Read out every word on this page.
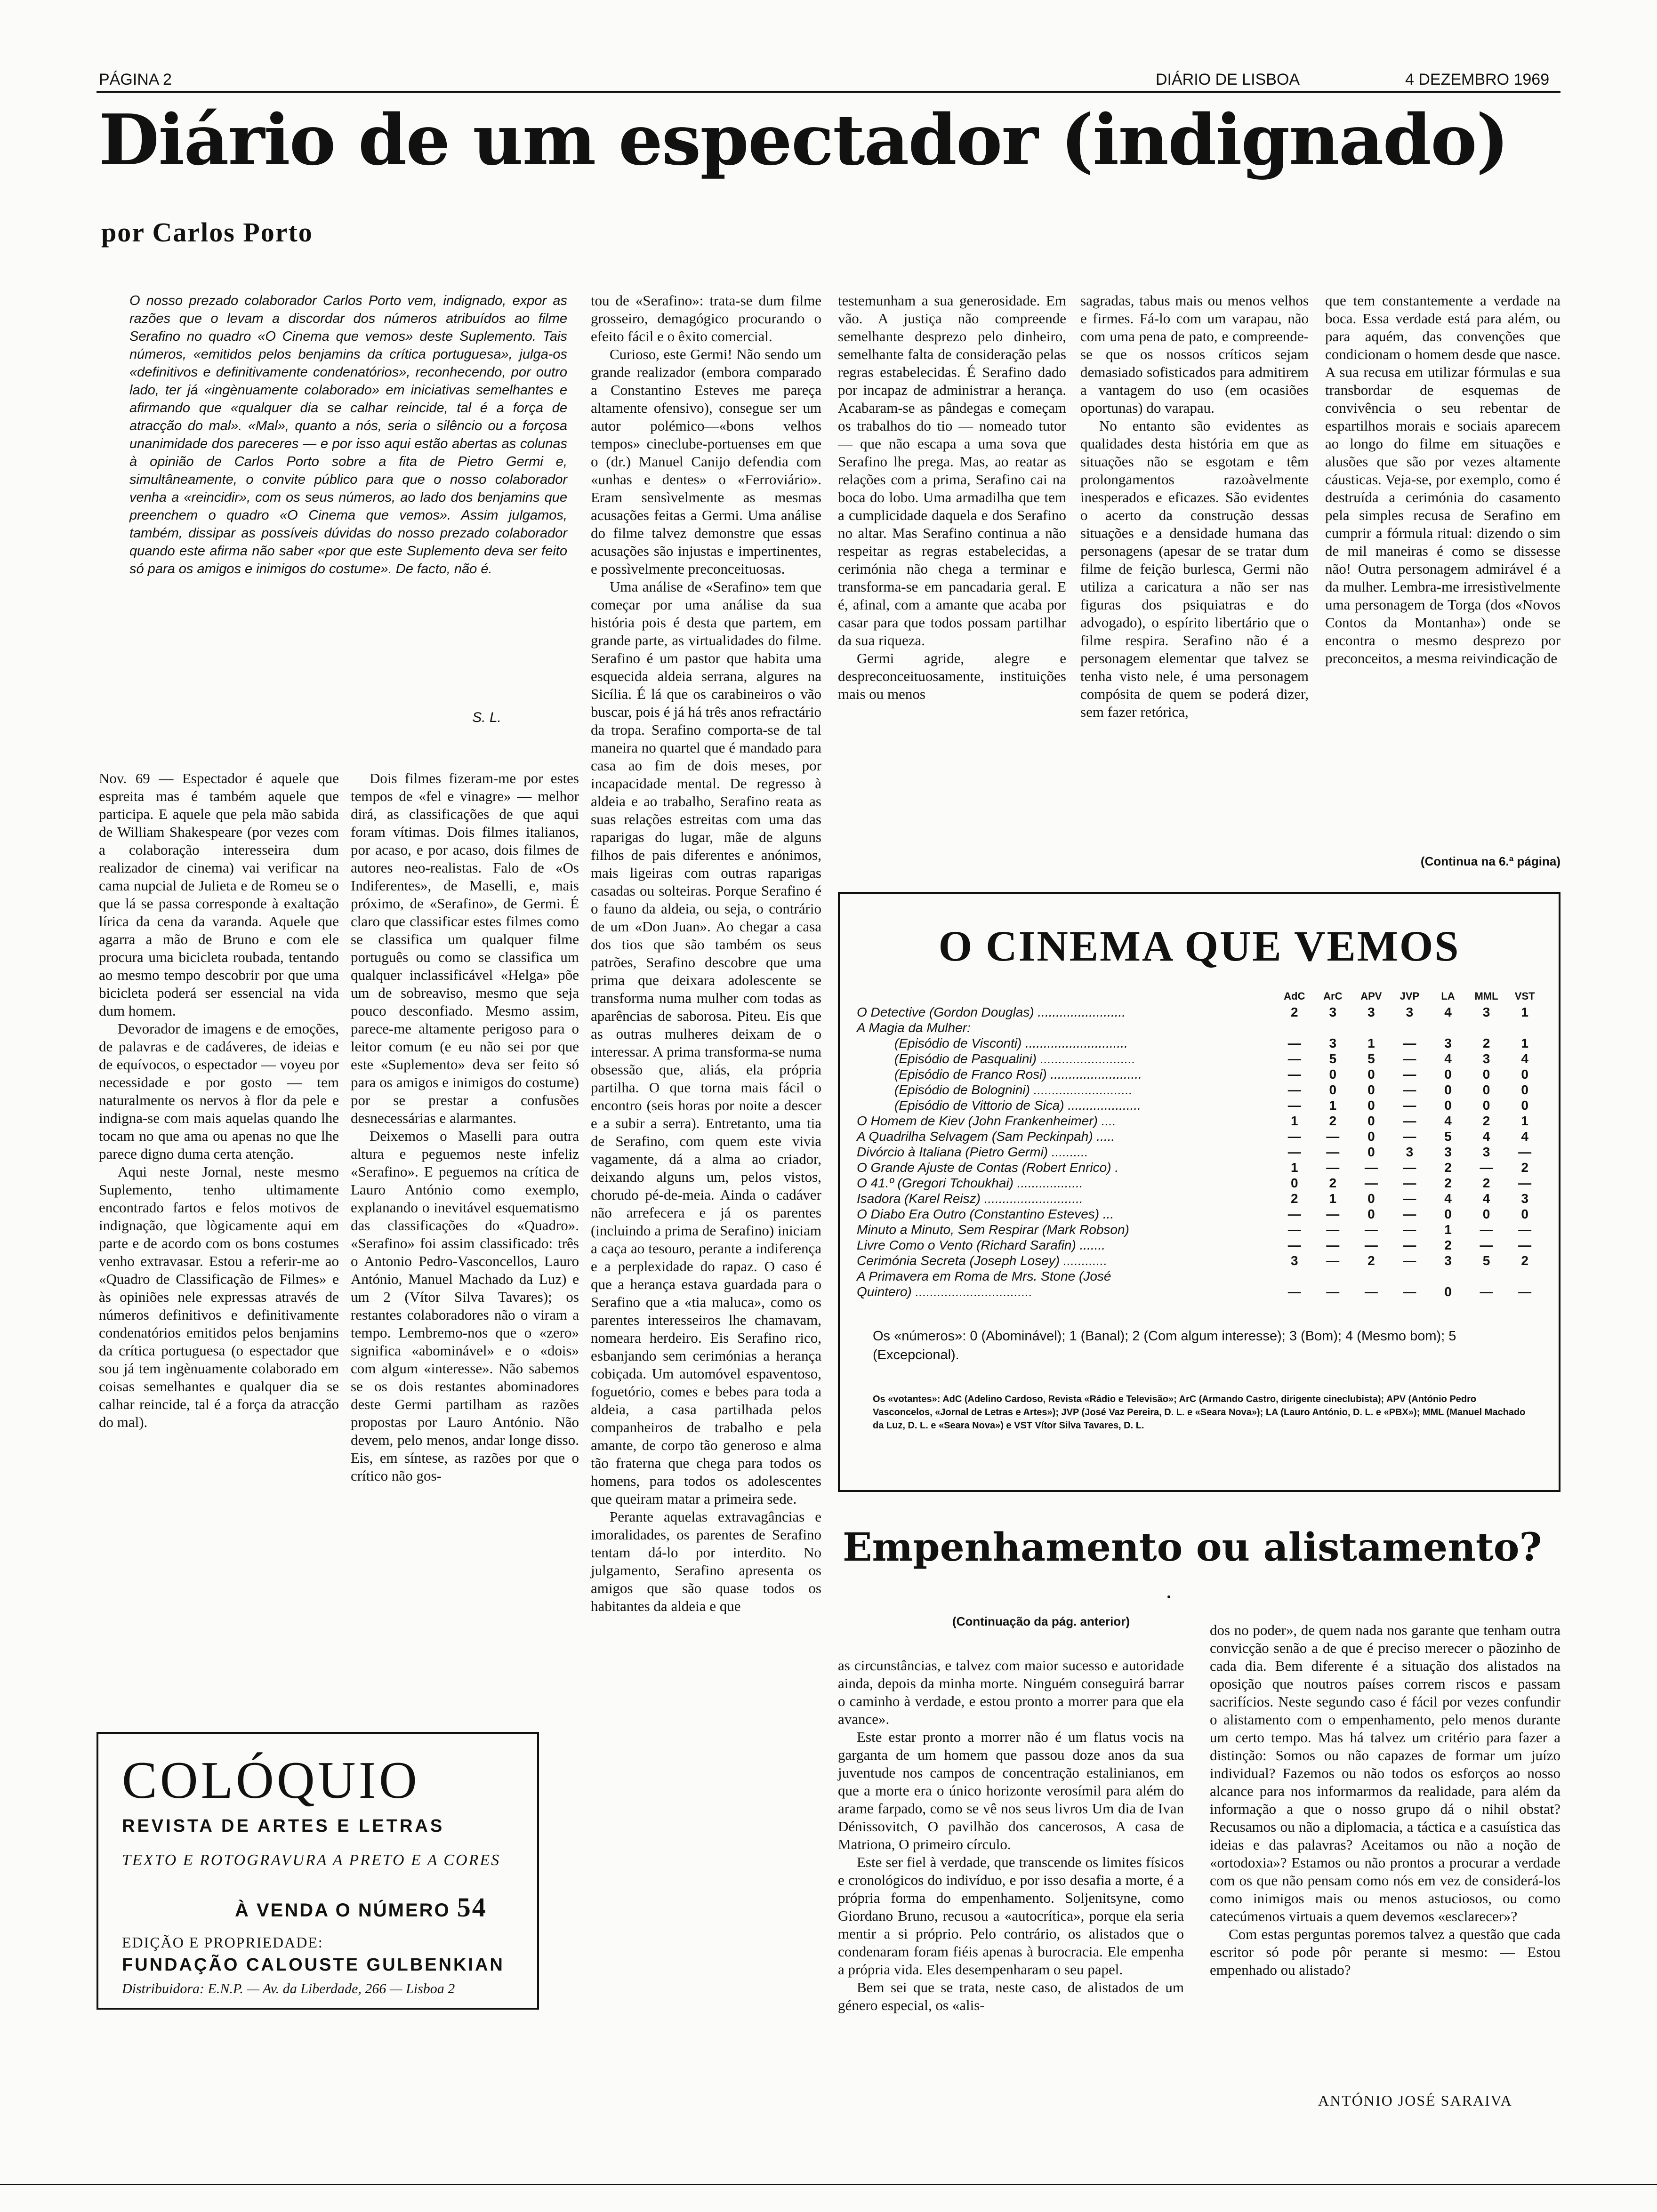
PÁGINA 2	DIÁRIO DE LISBOA	4 DEZEMBRO 1969
Diário de um espectador (indignado)
por Carlos Porto
O nosso prezado colaborador Carlos Porto vem, indignado, expor as razões que o levam a discordar dos números atribuídos ao filme Serafino no quadro «O Cinema que vemos» deste Suplemento. Tais números, «emitidos pelos benjamins da crítica portuguesa», julga-os «definitivos e definitivamente condenatórios», reconhecendo, por outro lado, ter já «ingènuamente colaborado» em iniciativas semelhantes e afirmando que «qualquer dia se calhar reincide, tal é a força de atracção do mal». «Mal», quanto a nós, seria o silêncio ou a forçosa unanimidade dos pareceres — e por isso aqui estão abertas as colunas à opinião de Carlos Porto sobre a fita de Pietro Germi e, simultâneamente, o convite público para que o nosso colaborador venha a «reincidir», com os seus números, ao lado dos benjamins que preenchem o quadro «O Cinema que vemos». Assim julgamos, também, dissipar as possíveis dúvidas do nosso prezado colaborador quando este afirma não saber «por que este Suplemento deva ser feito só para os amigos e inimigos do costume». De facto, não é.
S. L.

Nov. 69 — Espectador é aquele que espreita mas é também aquele que participa. E aquele que pela mão sabida de William Shakespeare (por vezes com a colaboração interesseira dum realizador de cinema) vai verificar na cama nupcial de Julieta e de Romeu se o que lá se passa corresponde à exaltação lírica da cena da varanda. Aquele que agarra a mão de Bruno e com ele procura uma bicicleta roubada, tentando ao mesmo tempo descobrir por que uma bicicleta poderá ser essencial na vida dum homem.

Devorador de imagens e de emoções, de palavras e de cadáveres, de ideias e de equívocos, o espectador — voyeu por necessidade e por gosto — tem naturalmente os nervos à flor da pele e indigna-se com mais aquelas quando lhe tocam no que ama ou apenas no que lhe parece digno duma certa atenção.

Aqui neste Jornal, neste mesmo Suplemento, tenho ultimamente encontrado fartos e felos motivos de indignação, que lògicamente aqui em parte e de acordo com os bons costumes venho extravasar. Estou a referir-me ao «Quadro de Classificação de Filmes» e às opiniões nele expressas através de números definitivos e definitivamente condenatórios emitidos pelos benjamins da crítica portuguesa (o espectador que sou já tem ingènuamente colaborado em coisas semelhantes e qualquer dia se calhar reincide, tal é a força da atracção do mal).

Dois filmes fizeram-me por estes tempos de «fel e vinagre» — melhor dirá, as classificações de que aqui foram vítimas. Dois filmes italianos, por acaso, e por acaso, dois filmes de autores neo-realistas. Falo de «Os Indiferentes», de Maselli, e, mais próximo, de «Serafino», de Germi. É claro que classificar estes filmes como se classifica um qualquer filme português ou como se classifica um qualquer inclassificável «Helga» põe um de sobreaviso, mesmo que seja pouco desconfiado. Mesmo assim, parece-me altamente perigoso para o leitor comum (e eu não sei por que este «Suplemento» deva ser feito só para os amigos e inimigos do costume) por se prestar a confusões desnecessárias e alarmantes.

Deixemos o Maselli para outra altura e peguemos neste infeliz «Serafino». E peguemos na crítica de Lauro António como exemplo, explanando o inevitável esquematismo das classificações do «Quadro». «Serafino» foi assim classificado: três o Antonio Pedro-Vasconcellos, Lauro António, Manuel Machado da Luz) e um 2 (Vítor Silva Tavares); os restantes colaboradores não o viram a tempo. Lembremo-nos que o «zero» significa «abominável» e o «dois» com algum «interesse». Não sabemos se os dois restantes abominadores deste Germi partilham as razões propostas por Lauro António. Não devem, pelo menos, andar longe disso. Eis, em síntese, as razões por que o crítico não gos-

tou de «Serafino»: trata-se dum filme grosseiro, demagógico procurando o efeito fácil e o êxito comercial.

Curioso, este Germi! Não sendo um grande realizador (embora comparado a Constantino Esteves me pareça altamente ofensivo), consegue ser um autor polémico—«bons velhos tempos» cineclube-portuenses em que o (dr.) Manuel Canijo defendia com «unhas e dentes» o «Ferroviário». Eram sensìvelmente as mesmas acusações feitas a Germi. Uma análise do filme talvez demonstre que essas acusações são injustas e impertinentes, e possìvelmente preconceituosas.

Uma análise de «Serafino» tem que começar por uma análise da sua história pois é desta que partem, em grande parte, as virtualidades do filme. Serafino é um pastor que habita uma esquecida aldeia serrana, algures na Sicília. É lá que os carabineiros o vão buscar, pois é já há três anos refractário da tropa. Serafino comporta-se de tal maneira no quartel que é mandado para casa ao fim de dois meses, por incapacidade mental. De regresso à aldeia e ao trabalho, Serafino reata as suas relações estreitas com uma das raparigas do lugar, mãe de alguns filhos de pais diferentes e anónimos, mais ligeiras com outras raparigas casadas ou solteiras. Porque Serafino é o fauno da aldeia, ou seja, o contrário de um «Don Juan». Ao chegar a casa dos tios que são também os seus patrões, Serafino descobre que uma prima que deixara adolescente se transforma numa mulher com todas as aparências de saborosa. Piteu. Eis que as outras mulheres deixam de o interessar. A prima transforma-se numa obsessão que, aliás, ela própria partilha. O que torna mais fácil o encontro (seis horas por noite a descer e a subir a serra). Entretanto, uma tia de Serafino, com quem este vivia vagamente, dá a alma ao criador, deixando alguns um, pelos vistos, chorudo pé-de-meia. Ainda o cadáver não arrefecera e já os parentes (incluindo a prima de Serafino) iniciam a caça ao tesouro, perante a indiferença e a perplexidade do rapaz. O caso é que a herança estava guardada para o Serafino que a «tia maluca», como os parentes interesseiros lhe chamavam, nomeara herdeiro. Eis Serafino rico, esbanjando sem cerimónias a herança cobiçada. Um automóvel espaventoso, foguetório, comes e bebes para toda a aldeia, a casa partilhada pelos companheiros de trabalho e pela amante, de corpo tão generoso e alma tão fraterna que chega para todos os homens, para todos os adolescentes que queiram matar a primeira sede.

Perante aquelas extravagâncias e imoralidades, os parentes de Serafino tentam dá-lo por interdito. No julgamento, Serafino apresenta os amigos que são quase todos os habitantes da aldeia e que

testemunham a sua generosidade. Em vão. A justiça não compreende semelhante desprezo pelo dinheiro, semelhante falta de consideração pelas regras estabelecidas. É Serafino dado por incapaz de administrar a herança. Acabaram-se as pândegas e começam os trabalhos do tio — nomeado tutor — que não escapa a uma sova que Serafino lhe prega. Mas, ao reatar as relações com a prima, Serafino cai na boca do lobo. Uma armadilha que tem a cumplicidade daquela e dos Serafino no altar. Mas Serafino continua a não respeitar as regras estabelecidas, a cerimónia não chega a terminar e transforma-se em pancadaria geral. E é, afinal, com a amante que acaba por casar para que todos possam partilhar da sua riqueza.

Germi agride, alegre e despreconceituosamente, instituições mais ou menos

sagradas, tabus mais ou menos velhos e firmes. Fá-lo com um varapau, não com uma pena de pato, e compreende-se que os nossos críticos sejam demasiado sofisticados para admitirem a vantagem do uso (em ocasiões oportunas) do varapau.

No entanto são evidentes as qualidades desta história em que as situações não se esgotam e têm prolongamentos razoàvelmente inesperados e eficazes. São evidentes o acerto da construção dessas situações e a densidade humana das personagens (apesar de se tratar dum filme de feição burlesca, Germi não utiliza a caricatura a não ser nas figuras dos psiquiatras e do advogado), o espírito libertário que o filme respira. Serafino não é a personagem elementar que talvez se tenha visto nele, é uma personagem compósita de quem se poderá dizer, sem fazer retórica,

que tem constantemente a verdade na boca. Essa verdade está para além, ou para aquém, das convenções que condicionam o homem desde que nasce. A sua recusa em utilizar fórmulas e sua transbordar de esquemas de convivência o seu rebentar de espartilhos morais e sociais aparecem ao longo do filme em situações e alusões que são por vezes altamente cáusticas. Veja-se, por exemplo, como é destruída a cerimónia do casamento pela simples recusa de Serafino em cumprir a fórmula ritual: dizendo o sim de mil maneiras é como se dissesse não! Outra personagem admirável é a da mulher. Lembra-me irresistìvelmente uma personagem de Torga (dos «Novos Contos da Montanha») onde se encontra o mesmo desprezo por preconceitos, a mesma reivindicação de

(Continua na 6.ª página)
O CINEMA QUE VEMOS
	AdC	ArC	APV	JVP	LA	MML	VST
O Detective (Gordon Douglas) ........................	2	3	3	3	4	3	1
A Magia da Mulher:							
(Episódio de Visconti) ............................	—	3	1	—	3	2	1
(Episódio de Pasqualini) ..........................	—	5	5	—	4	3	4
(Episódio de Franco Rosi) .........................	—	0	0	—	0	0	0
(Episódio de Bolognini) ...........................	—	0	0	—	0	0	0
(Episódio de Vittorio de Sica) ....................	—	1	0	—	0	0	0
O Homem de Kiev (John Frankenheimer) ....	1	2	0	—	4	2	1
A Quadrilha Selvagem (Sam Peckinpah) .....	—	—	0	—	5	4	4
Divórcio à Italiana (Pietro Germi) ..........	—	—	0	3	3	3	—
O Grande Ajuste de Contas (Robert Enrico) .	1	—	—	—	2	—	2
O 41.º (Gregori Tchoukhai) ..................	0	2	—	—	2	2	—
Isadora (Karel Reisz) ...........................	2	1	0	—	4	4	3
O Diabo Era Outro (Constantino Esteves) ...	—	—	0	—	0	0	0
Minuto a Minuto, Sem Respirar (Mark Robson)	—	—	—	—	1	—	—
Livre Como o Vento (Richard Sarafin) .......	—	—	—	—	2	—	—
Cerimónia Secreta (Joseph Losey) ............	3	—	2	—	3	5	2
A Primavera em Roma de Mrs. Stone (José							
Quintero) ................................	—	—	—	—	0	—	—
Os «números»: 0 (Abominável); 1 (Banal); 2 (Com algum interesse); 3 (Bom); 4 (Mesmo bom); 5 (Excepcional).
Os «votantes»: AdC (Adelino Cardoso, Revista «Rádio e Televisão»; ArC (Armando Castro, dirigente cineclubista); APV (António Pedro Vasconcelos, «Jornal de Letras e Artes»); JVP (José Vaz Pereira, D. L. e «Seara Nova»); LA (Lauro António, D. L. e «PBX»); MML (Manuel Machado da Luz, D. L. e «Seara Nova») e VST Vítor Silva Tavares, D. L.
Empenhamento ou alistamento?
(Continuação da pág. anterior)

as circunstâncias, e talvez com maior sucesso e autoridade ainda, depois da minha morte. Ninguém conseguirá barrar o caminho à verdade, e estou pronto a morrer para que ela avance».

Este estar pronto a morrer não é um flatus vocis na garganta de um homem que passou doze anos da sua juventude nos campos de concentração estalinianos, em que a morte era o único horizonte verosímil para além do arame farpado, como se vê nos seus livros Um dia de Ivan Dénissovitch, O pavilhão dos cancerosos, A casa de Matriona, O primeiro círculo.

Este ser fiel à verdade, que transcende os limites físicos e cronológicos do indivíduo, e por isso desafia a morte, é a própria forma do empenhamento. Soljenitsyne, como Giordano Bruno, recusou a «autocrítica», porque ela seria mentir a si próprio. Pelo contrário, os alistados que o condenaram foram fiéis apenas à burocracia. Ele empenha a própria vida. Eles desempenharam o seu papel.

Bem sei que se trata, neste caso, de alistados de um género especial, os «alis-

dos no poder», de quem nada nos garante que tenham outra convicção senão a de que é preciso merecer o pãozinho de cada dia. Bem diferente é a situação dos alistados na oposição que noutros países correm riscos e passam sacrifícios. Neste segundo caso é fácil por vezes confundir o alistamento com o empenhamento, pelo menos durante um certo tempo. Mas há talvez um critério para fazer a distinção: Somos ou não capazes de formar um juízo individual? Fazemos ou não todos os esforços ao nosso alcance para nos informarmos da realidade, para além da informação a que o nosso grupo dá o nihil obstat? Recusamos ou não a diplomacia, a táctica e a casuística das ideias e das palavras? Aceitamos ou não a noção de «ortodoxia»? Estamos ou não prontos a procurar a verdade com os que não pensam como nós em vez de considerá-los como inimigos mais ou menos astuciosos, ou como catecúmenos virtuais a quem devemos «esclarecer»?

Com estas perguntas poremos talvez a questão que cada escritor só pode pôr perante si mesmo: — Estou empenhado ou alistado?

ANTÓNIO JOSÉ SARAIVA
COLÓQUIO
REVISTA DE ARTES E LETRAS
TEXTO E ROTOGRAVURA A PRETO E A CORES
À VENDA O NÚMERO 54
EDIÇÃO E PROPRIEDADE:
FUNDAÇÃO CALOUSTE GULBENKIAN
Distribuidora: E.N.P. — Av. da Liberdade, 266 — Lisboa 2
